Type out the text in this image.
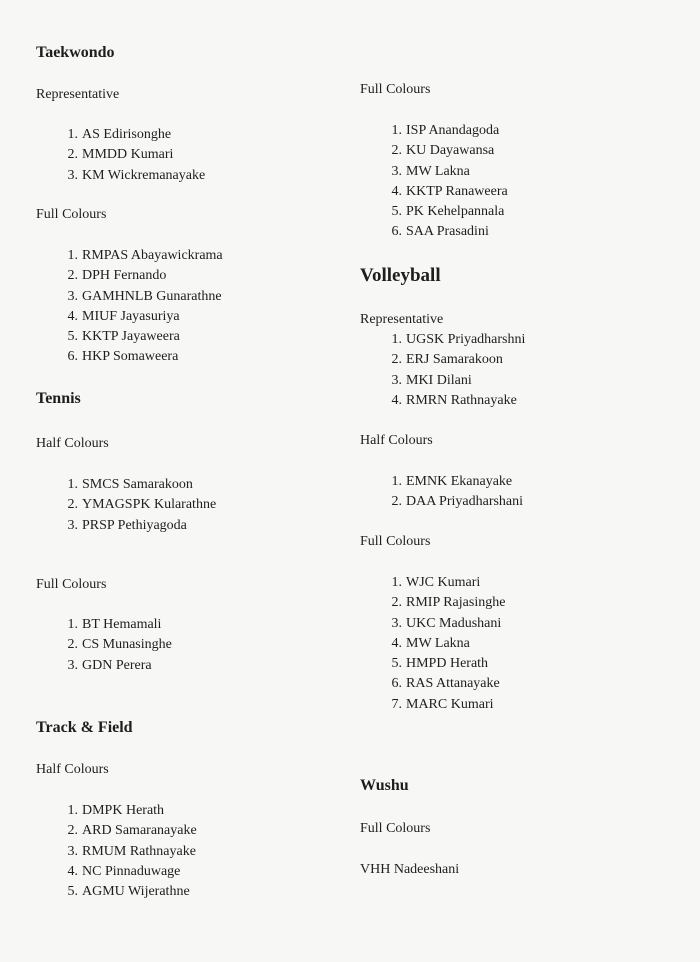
Taekwondo
Representative
1. AS Edirisonghe
2. MMDD Kumari
3. KM Wickremanayake
Full Colours
1. RMPAS Abayawickrama
2. DPH Fernando
3. GAMHNLB Gunarathne
4. MIUF Jayasuriya
5. KKTP Jayaweera
6. HKP Somaweera
Tennis
Half Colours
1. SMCS Samarakoon
2. YMAGSPK Kularathne
3. PRSP Pethiyagoda
Full Colours
1. BT Hemamali
2. CS Munasinghe
3. GDN Perera
Track & Field
Half Colours
1. DMPK Herath
2. ARD Samaranayake
3. RMUM Rathnayake
4. NC Pinnaduwage
5. AGMU Wijerathne
Full Colours
1. ISP Anandagoda
2. KU Dayawansa
3. MW Lakna
4. KKTP Ranaweera
5. PK Kehelpannala
6. SAA Prasadini
Volleyball
Representative
1. UGSK Priyadharshni
2. ERJ Samarakoon
3. MKI Dilani
4. RMRN Rathnayake
Half Colours
1. EMNK Ekanayake
2. DAA Priyadharshani
Full Colours
1. WJC Kumari
2. RMIP Rajasinghe
3. UKC Madushani
4. MW Lakna
5. HMPD Herath
6. RAS Attanayake
7. MARC Kumari
Wushu
Full Colours
VHH Nadeeshani
